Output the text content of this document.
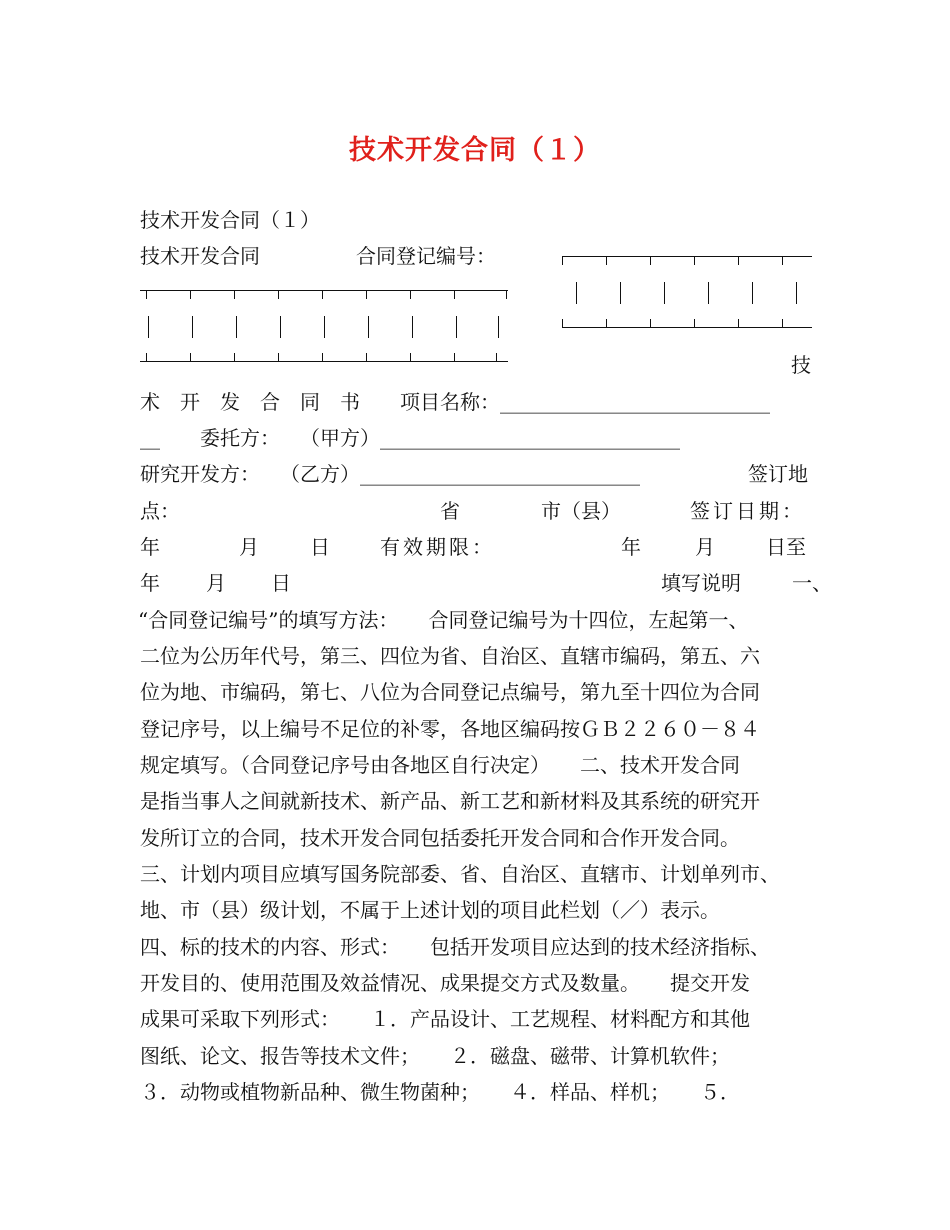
技术开发合同（１）
技术开发合同（１）
技术开发合同	合同登记编号：
技
术　开　发　合　同　书　　项目名称：___________________________
__　　委托方：　　（甲方）______________________________
研究开发方：　　（乙方）____________________________	签订地
点：	省	市（县）	签订日期：
年	月	日	有效期限：	年	月	日至
年 月 日	填写说明	一、
“合同登记编号”的填写方法：　　合同登记编号为十四位，左起第一、
二位为公历年代号，第三、四位为省、自治区、直辖市编码，第五、六
位为地、市编码，第七、八位为合同登记点编号，第九至十四位为合同
登记序号，以上编号不足位的补零，各地区编码按ＧＢ２２６０－８４
规定填写。（合同登记序号由各地区自行决定）　　二、技术开发合同
是指当事人之间就新技术、新产品、新工艺和新材料及其系统的研究开
发所订立的合同，技术开发合同包括委托开发合同和合作开发合同。
三、计划内项目应填写国务院部委、省、自治区、直辖市、计划单列市、
地、市（县）级计划，不属于上述计划的项目此栏划（／）表示。
四、标的技术的内容、形式：　　包括开发项目应达到的技术经济指标、
开发目的、使用范围及效益情况、成果提交方式及数量。　　提交开发
成果可采取下列形式：　　１．产品设计、工艺规程、材料配方和其他
图纸、论文、报告等技术文件；　　２．磁盘、磁带、计算机软件；
３．动物或植物新品种、微生物菌种；　　４．样品、样机；　　５．
